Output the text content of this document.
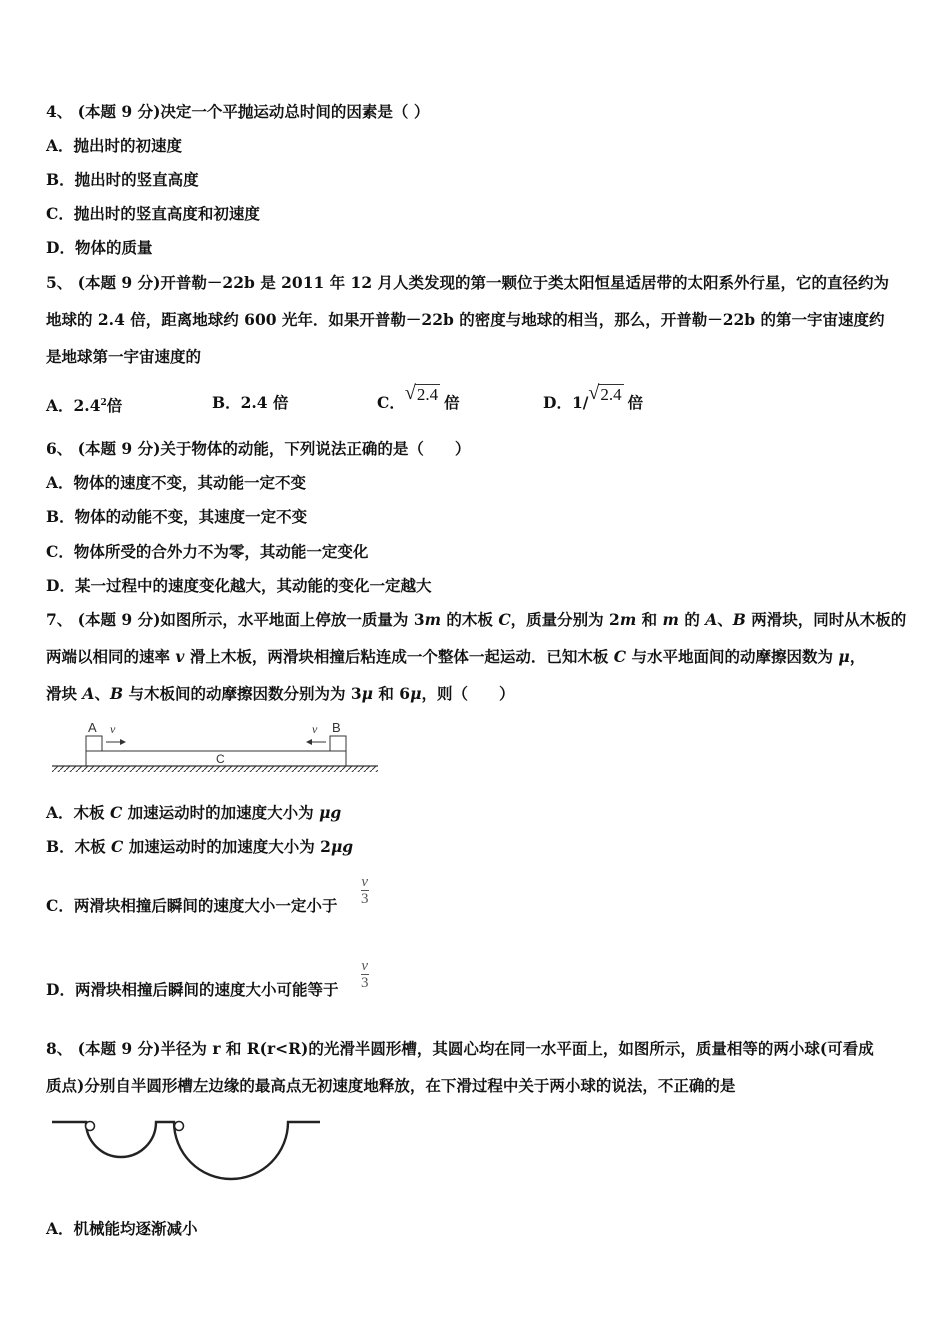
4、 (本题 9 分)决定一个平抛运动总时间的因素是（ ）
A．抛出时的初速度
B．抛出时的竖直高度
C．抛出时的竖直高度和初速度
D．物体的质量
5、 (本题 9 分)开普勒－22b 是 2011 年 12 月人类发现的第一颗位于类太阳恒星适居带的太阳系外行星，它的直径约为
地球的 2.4 倍，距离地球约 600 光年．如果开普勒－22b 的密度与地球的相当，那么，开普勒－22b 的第一宇宙速度约
是地球第一宇宙速度的
A．$2.4^2$倍	B．2.4 倍	C． √ 2.4 倍	D．1/ √ 2.4 倍
6、 (本题 9 分)关于物体的动能，下列说法正确的是（　　）
A．物体的速度不变，其动能一定不变
B．物体的动能不变，其速度一定不变
C．物体所受的合外力不为零，其动能一定变化
D．某一过程中的速度变化越大，其动能的变化一定越大
7、 (本题 9 分)如图所示，水平地面上停放一质量为 3m 的木板 C，质量分别为 2m 和 m 的 A、B 两滑块，同时从木板的
两端以相同的速率 v 滑上木板，两滑块相撞后粘连成一个整体一起运动．已知木板 C 与水平地面间的动摩擦因数为 μ，
滑块 A、B 与木板间的动摩擦因数分别为为 3μ 和 6μ，则（　　）
C
A v	B
v
A．木板 C 加速运动时的加速度大小为 μg
B．木板 C 加速运动时的加速度大小为 2μg
C．两滑块相撞后瞬间的速度大小一定小于 $\frac{v}{3}$
D．两滑块相撞后瞬间的速度大小可能等于 $\frac{v}{3}$
8、 (本题 9 分)半径为 r 和 R(r<R)的光滑半圆形槽，其圆心均在同一水平面上，如图所示，质量相等的两小球(可看成
质点)分别自半圆形槽左边缘的最高点无初速度地释放，在下滑过程中关于两小球的说法，不正确的是
A．机械能均逐渐减小
